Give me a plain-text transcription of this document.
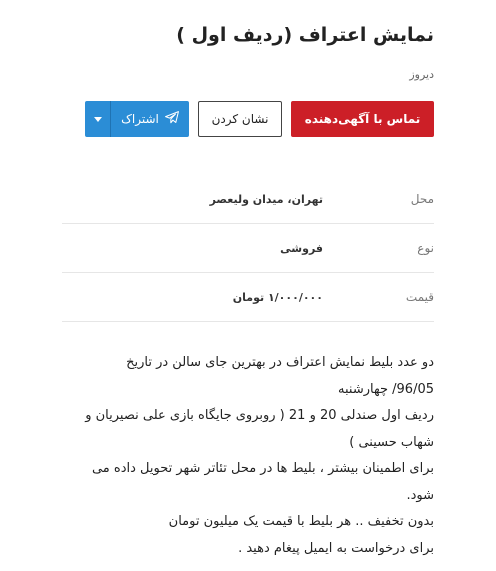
نمایش اعتراف (ردیف اول )
دیروز
تماس با آگهی‌دهنده
نشان کردن
اشتراک
محل
تهران، میدان ولیعصر
نوع
فروشی
قیمت
۱/۰۰۰/۰۰۰ تومان
دو عدد بلیط نمایش اعتراف در بهترین جای سالن در تاریخ
96/05/ چهارشنبه
ردیف اول صندلی 20 و 21 ( روبروی جایگاه بازی علی نصیریان و
شهاب حسینی )
برای اطمینان بیشتر ، بلیط ها در محل تئاتر شهر تحویل داده می
شود.
بدون تخفیف .. هر بلیط با قیمت یک میلیون تومان
برای درخواست به ایمیل پیغام دهید .
